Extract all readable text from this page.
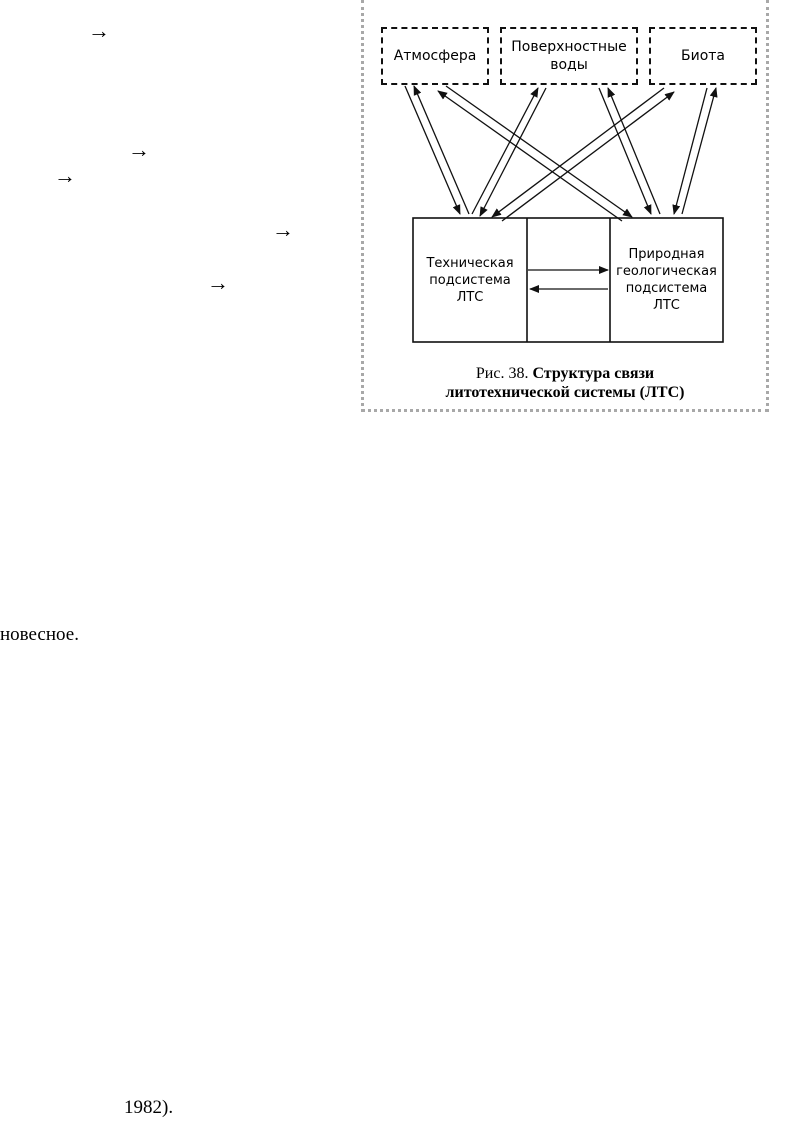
→
→
→
→
→
новесное.
1982).
Атмосфера
Поверхностные воды
Биота
Техническая подсистема ЛТС
Природная геологическая подсистема ЛТС
Рис. 38. Структура связи
литотехнической системы (ЛТС)
